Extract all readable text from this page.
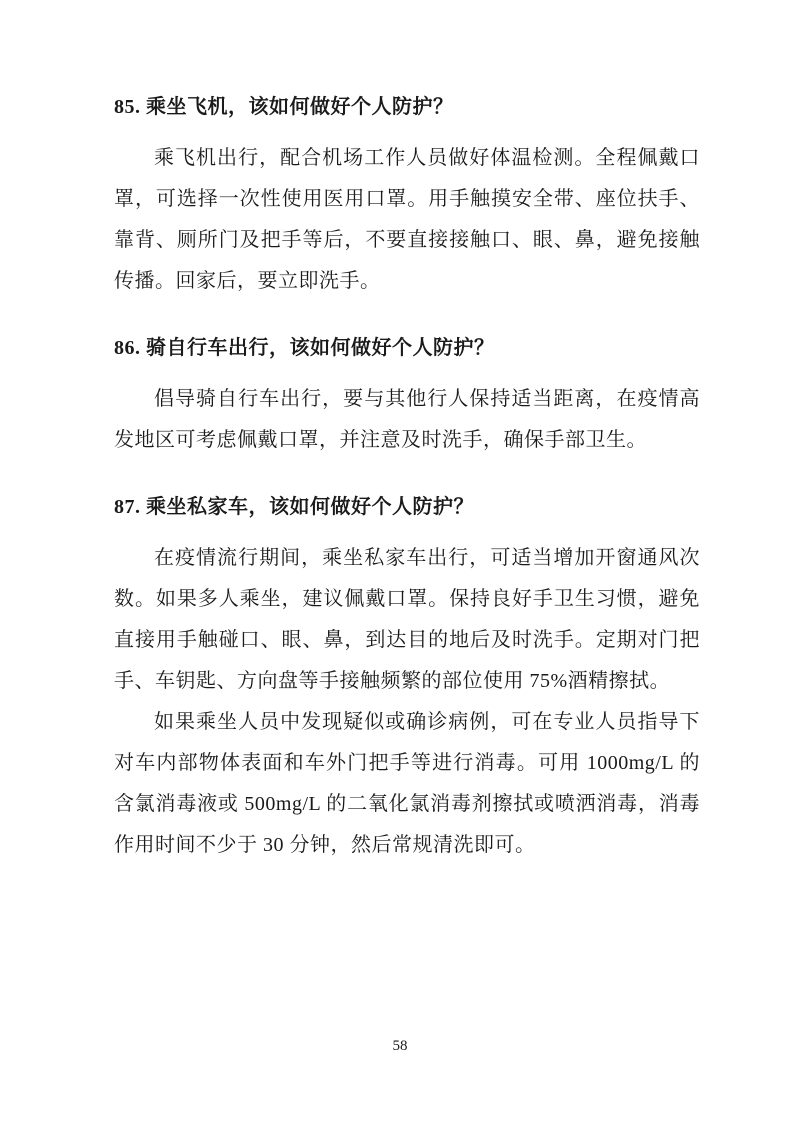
85. 乘坐飞机，该如何做好个人防护？

乘飞机出行，配合机场工作人员做好体温检测。全程佩戴口罩，可选择一次性使用医用口罩。用手触摸安全带、座位扶手、靠背、厕所门及把手等后，不要直接接触口、眼、鼻，避免接触传播。回家后，要立即洗手。

86. 骑自行车出行，该如何做好个人防护？

倡导骑自行车出行，要与其他行人保持适当距离，在疫情高发地区可考虑佩戴口罩，并注意及时洗手，确保手部卫生。

87. 乘坐私家车，该如何做好个人防护？

在疫情流行期间，乘坐私家车出行，可适当增加开窗通风次数。如果多人乘坐，建议佩戴口罩。保持良好手卫生习惯，避免直接用手触碰口、眼、鼻，到达目的地后及时洗手。定期对门把手、车钥匙、方向盘等手接触频繁的部位使用 75%酒精擦拭。

如果乘坐人员中发现疑似或确诊病例，可在专业人员指导下对车内部物体表面和车外门把手等进行消毒。可用 1000mg/L 的含氯消毒液或 500mg/L 的二氧化氯消毒剂擦拭或喷洒消毒，消毒作用时间不少于 30 分钟，然后常规清洗即可。

58
